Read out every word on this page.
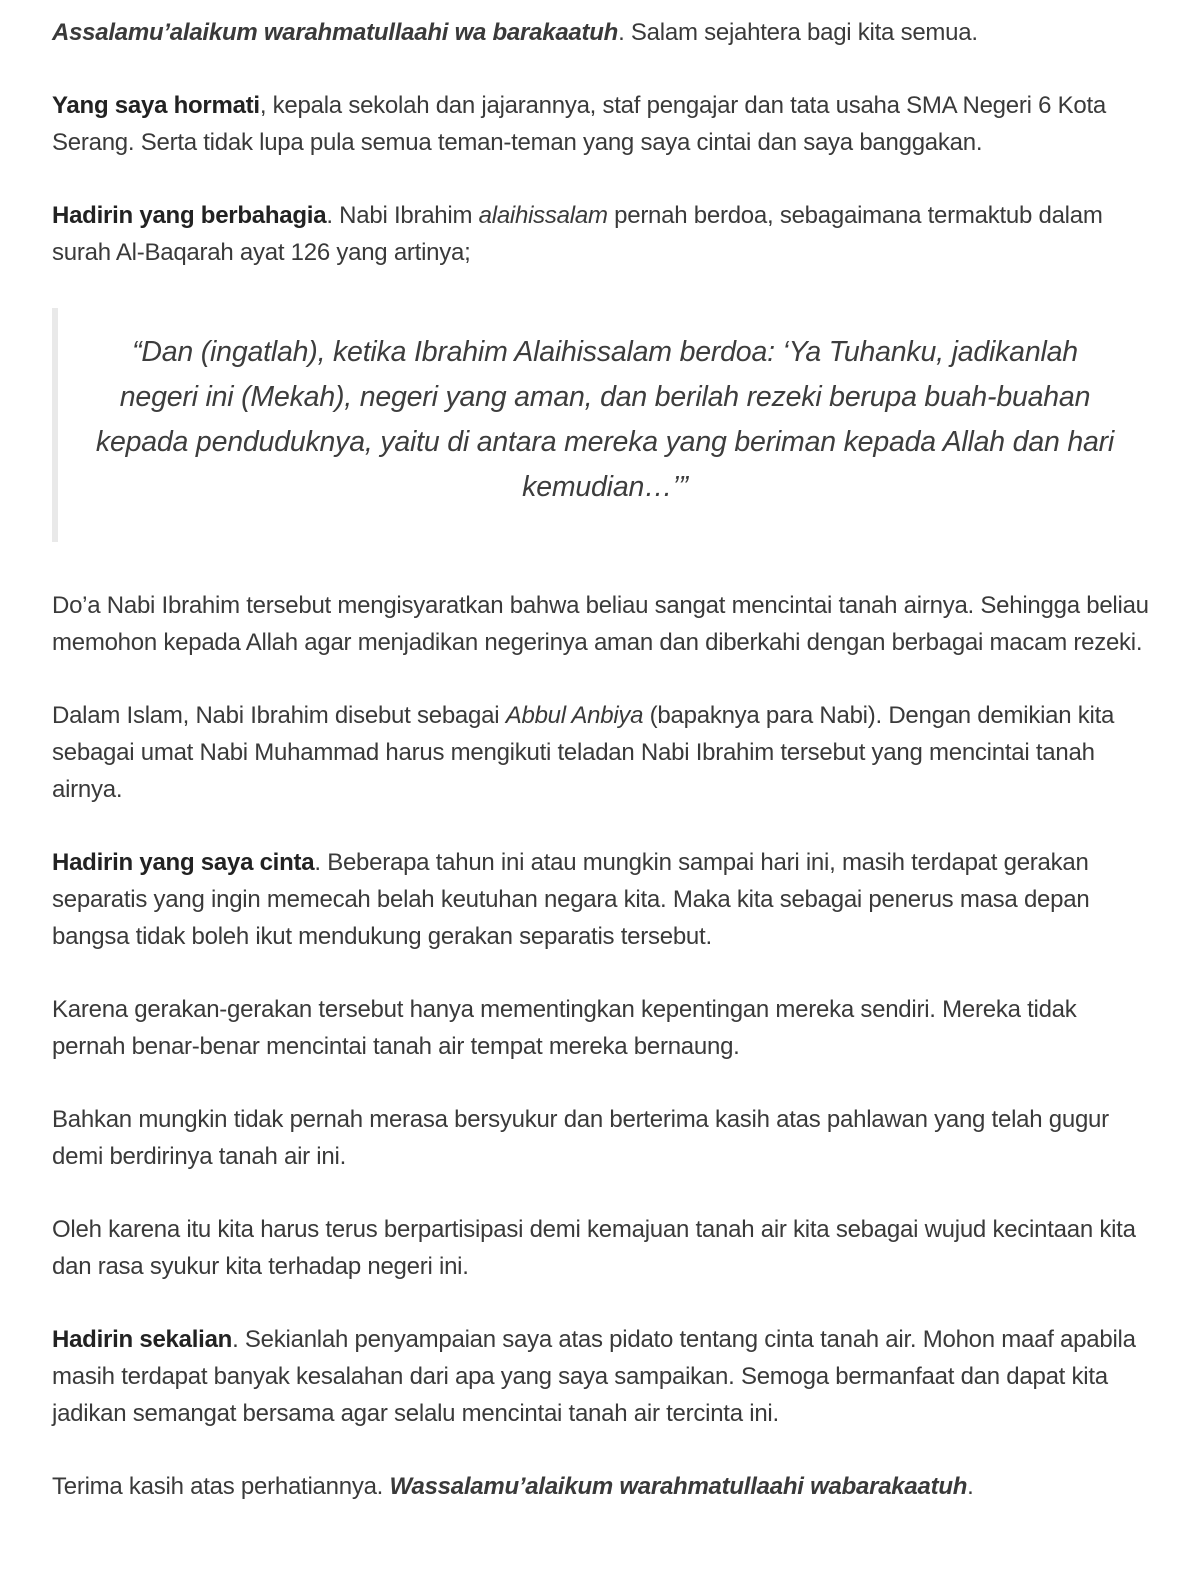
Assalamu’alaikum warahmatullaahi wa barakaatuh. Salam sejahtera bagi kita semua.

Yang saya hormati, kepala sekolah dan jajarannya, staf pengajar dan tata usaha SMA Negeri 6 Kota Serang. Serta tidak lupa pula semua teman-teman yang saya cintai dan saya banggakan.

Hadirin yang berbahagia. Nabi Ibrahim alaihissalam pernah berdoa, sebagaimana termaktub dalam surah Al-Baqarah ayat 126 yang artinya;

“Dan (ingatlah), ketika Ibrahim Alaihissalam berdoa: ‘Ya Tuhanku, jadikanlah negeri ini (Mekah), negeri yang aman, dan berilah rezeki berupa buah-buahan kepada penduduknya, yaitu di antara mereka yang beriman kepada Allah dan hari kemudian…’”

Do’a Nabi Ibrahim tersebut mengisyaratkan bahwa beliau sangat mencintai tanah airnya. Sehingga beliau memohon kepada Allah agar menjadikan negerinya aman dan diberkahi dengan berbagai macam rezeki.

Dalam Islam, Nabi Ibrahim disebut sebagai Abbul Anbiya (bapaknya para Nabi). Dengan demikian kita sebagai umat Nabi Muhammad harus mengikuti teladan Nabi Ibrahim tersebut yang mencintai tanah airnya.

Hadirin yang saya cinta. Beberapa tahun ini atau mungkin sampai hari ini, masih terdapat gerakan separatis yang ingin memecah belah keutuhan negara kita. Maka kita sebagai penerus masa depan bangsa tidak boleh ikut mendukung gerakan separatis tersebut.

Karena gerakan-gerakan tersebut hanya mementingkan kepentingan mereka sendiri. Mereka tidak pernah benar-benar mencintai tanah air tempat mereka bernaung.

Bahkan mungkin tidak pernah merasa bersyukur dan berterima kasih atas pahlawan yang telah gugur demi berdirinya tanah air ini.

Oleh karena itu kita harus terus berpartisipasi demi kemajuan tanah air kita sebagai wujud kecintaan kita dan rasa syukur kita terhadap negeri ini.

Hadirin sekalian. Sekianlah penyampaian saya atas pidato tentang cinta tanah air. Mohon maaf apabila masih terdapat banyak kesalahan dari apa yang saya sampaikan. Semoga bermanfaat dan dapat kita jadikan semangat bersama agar selalu mencintai tanah air tercinta ini.

Terima kasih atas perhatiannya. Wassalamu’alaikum warahmatullaahi wabarakaatuh.
